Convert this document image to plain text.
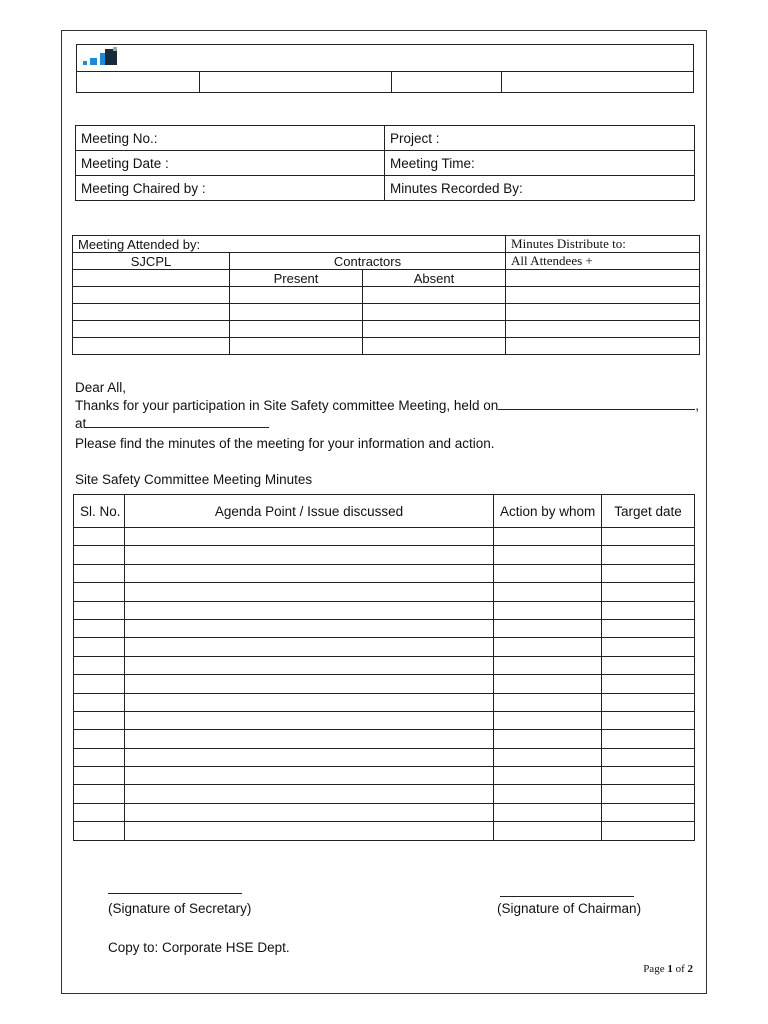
Meeting No.:	Project :
Meeting Date :	Meeting Time:
Meeting Chaired by :	Minutes Recorded By:
Meeting Attended by:			Minutes Distribute to:
SJCPL	Contractors		All Attendees +
	Present	Absent	

Dear All,
Thanks for your participation in Site Safety committee Meeting, held on	,
at
Please find the minutes of the meeting for your information and action.
Site Safety Committee Meeting Minutes
Sl. No.	Agenda Point / Issue discussed	Action by whom	Target date

(Signature of Secretary)	(Signature of Chairman)
Copy to: Corporate HSE Dept.
Page 1 of 2
